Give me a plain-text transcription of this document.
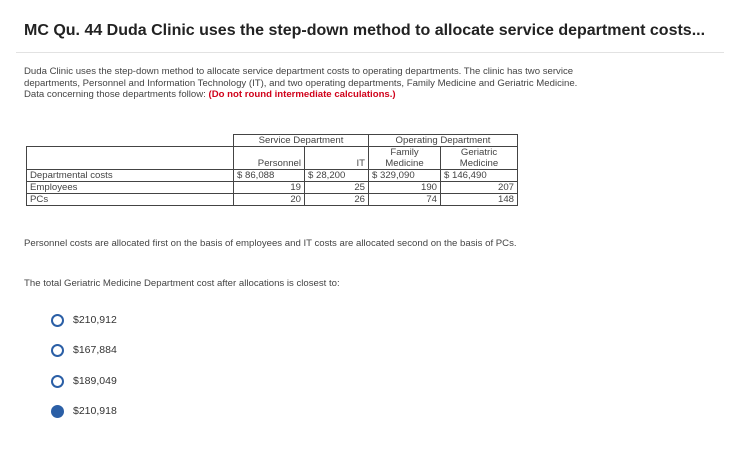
MC Qu. 44 Duda Clinic uses the step-down method to allocate service department costs...
Duda Clinic uses the step-down method to allocate service department costs to operating departments. The clinic has two service departments, Personnel and Information Technology (IT), and two operating departments, Family Medicine and Geriatric Medicine. Data concerning those departments follow: (Do not round intermediate calculations.)
	Service Department		Operating Department	
			Family	Geriatric
	Personnel	IT	Medicine	Medicine
Departmental costs	$ 86,088	$ 28,200	$ 329,090	$ 146,490
Employees	19	25	190	207
PCs	20	26	74	148
Personnel costs are allocated first on the basis of employees and IT costs are allocated second on the basis of PCs.
The total Geriatric Medicine Department cost after allocations is closest to:
$210,912
$167,884
$189,049
$210,918
